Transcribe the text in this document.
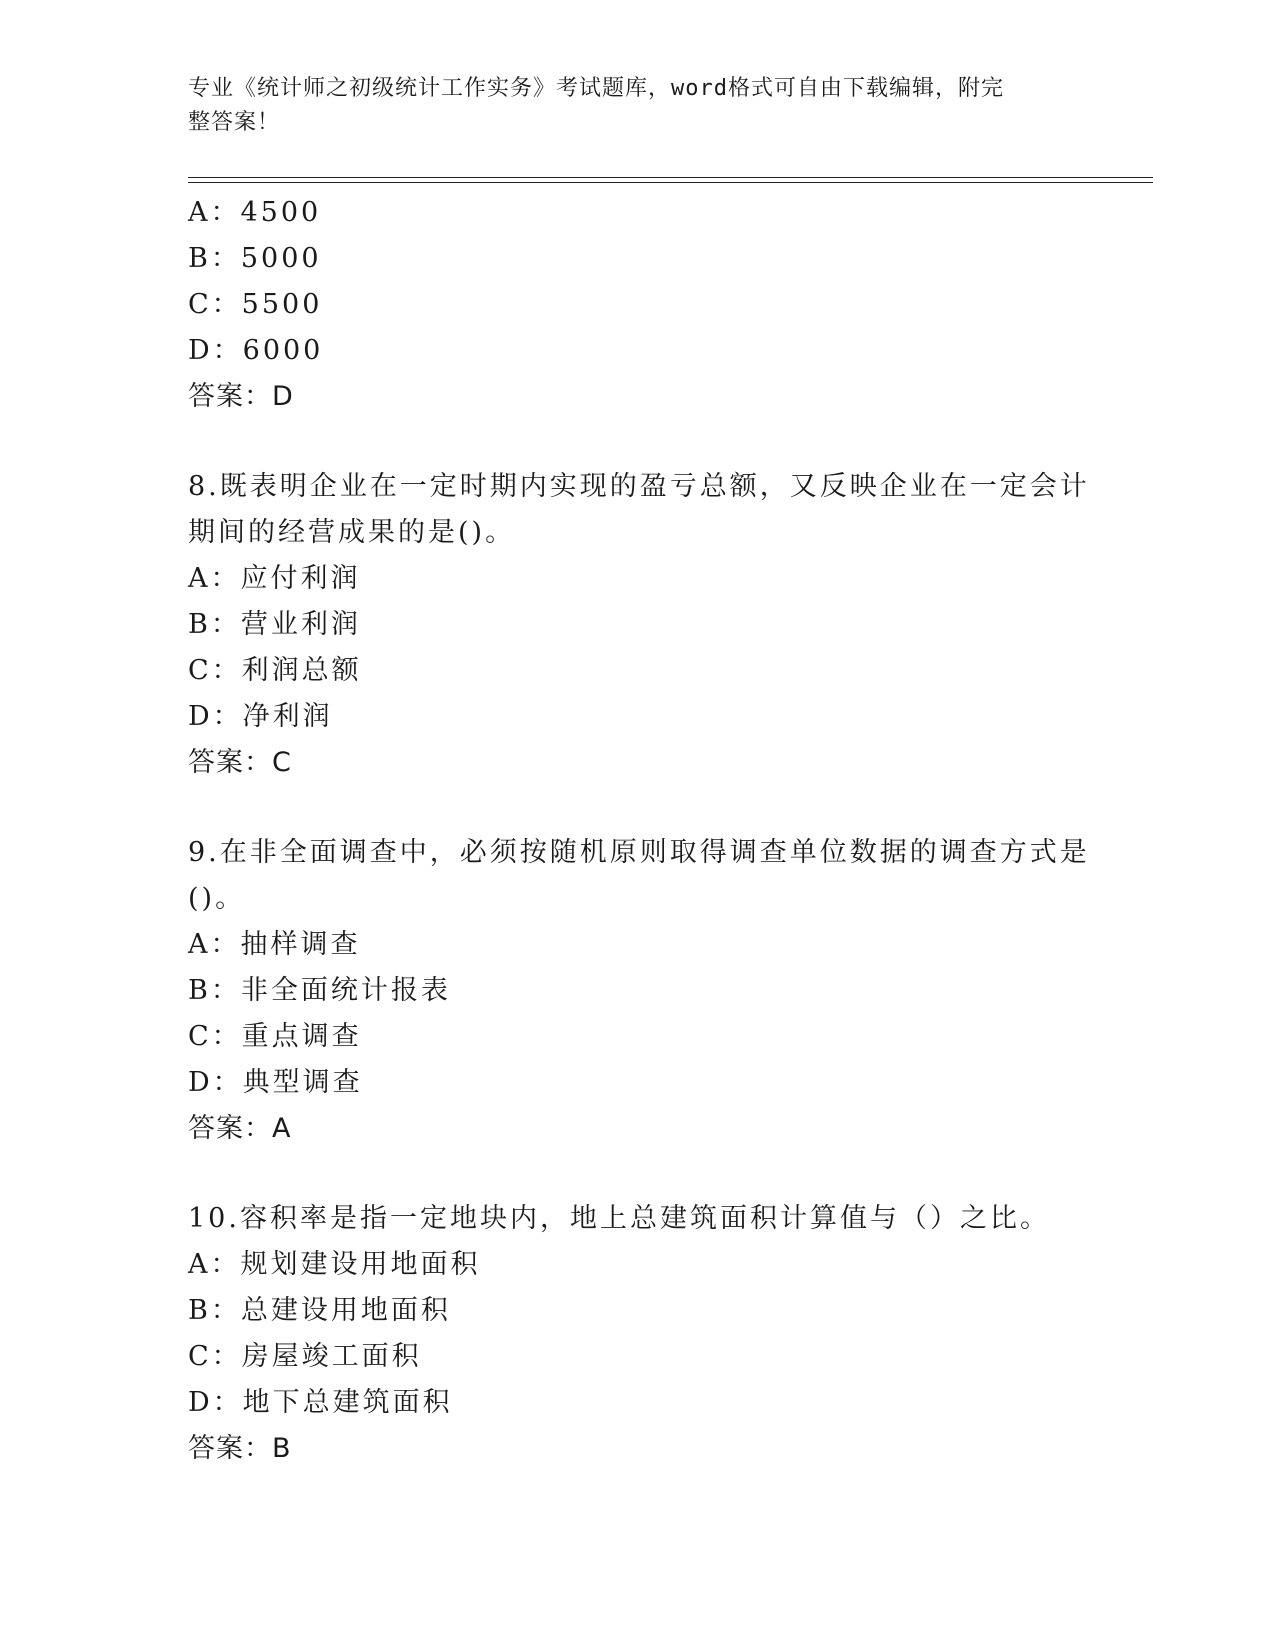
专业《统计师之初级统计工作实务》考试题库，word格式可自由下载编辑，附完
整答案！
A：4500
B：5000
C：5500
D：6000
答案：D
8.既表明企业在一定时期内实现的盈亏总额，又反映企业在一定会计
期间的经营成果的是()。
A：应付利润
B：营业利润
C：利润总额
D：净利润
答案：C
9.在非全面调查中，必须按随机原则取得调查单位数据的调查方式是
()。
A：抽样调查
B：非全面统计报表
C：重点调查
D：典型调查
答案：A
10.容积率是指一定地块内，地上总建筑面积计算值与（）之比。
A：规划建设用地面积
B：总建设用地面积
C：房屋竣工面积
D：地下总建筑面积
答案：B
